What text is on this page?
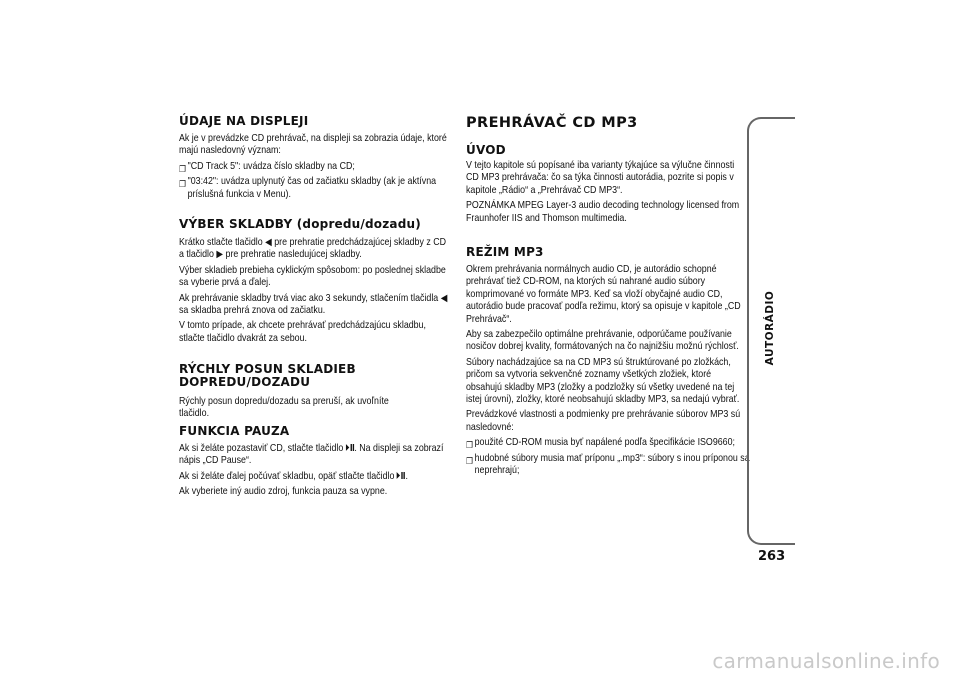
ÚDAJE NA DISPLEJI

Ak je v prevádzke CD prehrávač, na displeji sa zobrazia údaje, ktoré majú nasledovný význam:

❐ "CD Track 5": uvádza číslo skladby na CD;

❐ "03:42": uvádza uplynutý čas od začiatku skladby (ak je aktívna príslušná funkcia v Menu).

VÝBER SKLADBY (dopredu/dozadu)

Krátko stlačte tlačidlo ◀ pre prehratie predchádzajúcej skladby z CD a tlačidlo ▶ pre prehratie nasledujúcej skladby.

Výber skladieb prebieha cyklickým spôsobom: po poslednej skladbe sa vyberie prvá a ďalej.

Ak prehrávanie skladby trvá viac ako 3 sekundy, stlačením tlačidla ◀ sa skladba prehrá znova od začiatku.

V tomto prípade, ak chcete prehrávať predchádzajúcu skladbu, stlačte tlačidlo dvakrát za sebou.

RÝCHLY POSUN SKLADIEB
DOPREDU/DOZADU

Rýchly posun dopredu/dozadu sa preruší, ak uvoľníte tlačidlo.

FUNKCIA PAUZA

Ak si želáte pozastaviť CD, stlačte tlačidlo . Na displeji sa zobrazí nápis „CD Pause“.

Ak si želáte ďalej počúvať skladbu, opäť stlačte tlačidlo .

Ak vyberiete iný audio zdroj, funkcia pauza sa vypne.

PREHRÁVAČ CD MP3
ÚVOD

V tejto kapitole sú popísané iba varianty týkajúce sa výlučne činnosti CD MP3 prehrávača: čo sa týka činnosti autorádia, pozrite si popis v kapitole „Rádio“ a „Prehrávač CD MP3“.

POZNÁMKA MPEG Layer-3 audio decoding technology licensed from Fraunhofer IIS and Thomson multimedia.

REŽIM MP3

Okrem prehrávania normálnych audio CD, je autorádio schopné prehrávať tiež CD-ROM, na ktorých sú nahrané audio súbory komprimované vo formáte MP3. Keď sa vloží obyčajné audio CD, autorádio bude pracovať podľa režimu, ktorý sa opisuje v kapitole „CD Prehrávač“.

Aby sa zabezpečilo optimálne prehrávanie, odporúčame používanie nosičov dobrej kvality, formátovaných na čo najnižšiu možnú rýchlosť.

Súbory nachádzajúce sa na CD MP3 sú štruktúrované po zložkách, pričom sa vytvoria sekvenčné zoznamy všetkých zložiek, ktoré obsahujú skladby MP3 (zložky a podzložky sú všetky uvedené na tej istej úrovni), zložky, ktoré neobsahujú skladby MP3, sa nedajú vybrať.

Prevádzkové vlastnosti a podmienky pre prehrávanie súborov MP3 sú nasledovné:

❐ použité CD-ROM musia byť napálené podľa špecifikácie ISO9660;

❐ hudobné súbory musia mať príponu „.mp3“: súbory s inou príponou sa neprehrajú;

AUTORÁDIO
263
carmanualsonline.info
